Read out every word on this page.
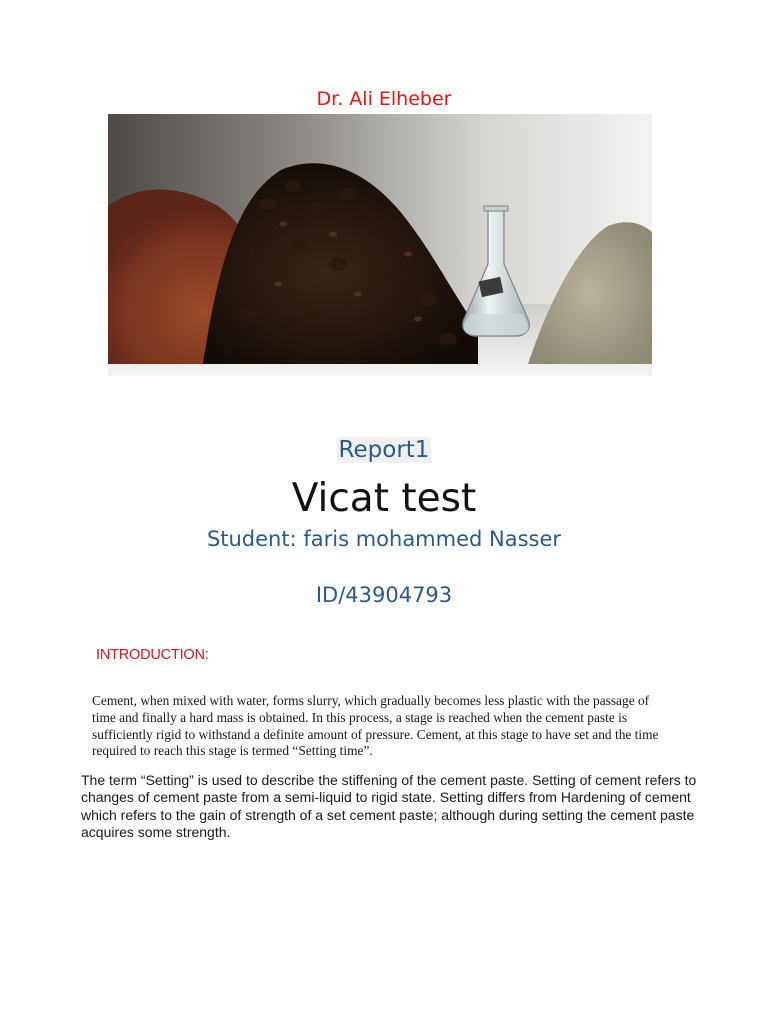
Dr. Ali Elheber
Report1
Vicat test
Student: faris mohammed Nasser
ID/43904793
INTRODUCTION:
Cement, when mixed with water, forms slurry, which gradually becomes less plastic with the passage of time and finally a hard mass is obtained. In this process, a stage is reached when the cement paste is sufficiently rigid to withstand a definite amount of pressure. Cement, at this stage to have set and the time required to reach this stage is termed “Setting time”.
The term “Setting” is used to describe the stiffening of the cement paste. Setting of cement refers to changes of cement paste from a semi-liquid to rigid state. Setting differs from Hardening of cement which refers to the gain of strength of a set cement paste; although during setting the cement paste acquires some strength.
